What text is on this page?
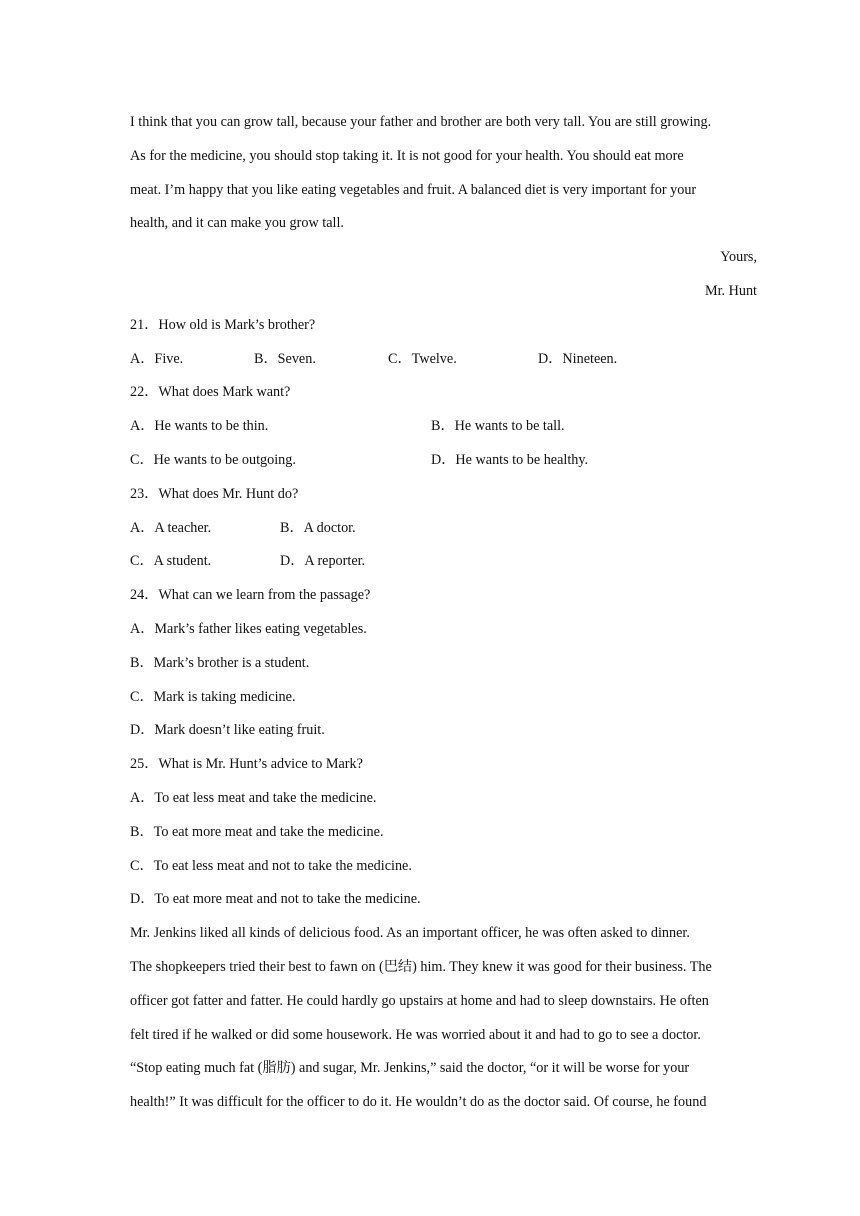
I think that you can grow tall, because your father and brother are both very tall. You are still growing.
As for the medicine, you should stop taking it. It is not good for your health. You should eat more
meat. I’m happy that you like eating vegetables and fruit. A balanced diet is very important for your
health, and it can make you grow tall.
Yours,
Mr. Hunt
21．How old is Mark’s brother?
A．Five.	B．Seven.	C．Twelve.	D．Nineteen.
22．What does Mark want?
A．He wants to be thin.	B．He wants to be tall.
C．He wants to be outgoing.	D．He wants to be healthy.
23．What does Mr. Hunt do?
A．A teacher.	B．A doctor.
C．A student.	D．A reporter.
24．What can we learn from the passage?
A．Mark’s father likes eating vegetables.
B．Mark’s brother is a student.
C．Mark is taking medicine.
D．Mark doesn’t like eating fruit.
25．What is Mr. Hunt’s advice to Mark?
A．To eat less meat and take the medicine.
B．To eat more meat and take the medicine.
C．To eat less meat and not to take the medicine.
D．To eat more meat and not to take the medicine.
Mr. Jenkins liked all kinds of delicious food. As an important officer, he was often asked to dinner.
The shopkeepers tried their best to fawn on (巴结) him. They knew it was good for their business. The
officer got fatter and fatter. He could hardly go upstairs at home and had to sleep downstairs. He often
felt tired if he walked or did some housework. He was worried about it and had to go to see a doctor.
“Stop eating much fat (脂肪) and sugar, Mr. Jenkins,” said the doctor, “or it will be worse for your
health!” It was difficult for the officer to do it. He wouldn’t do as the doctor said. Of course, he found
